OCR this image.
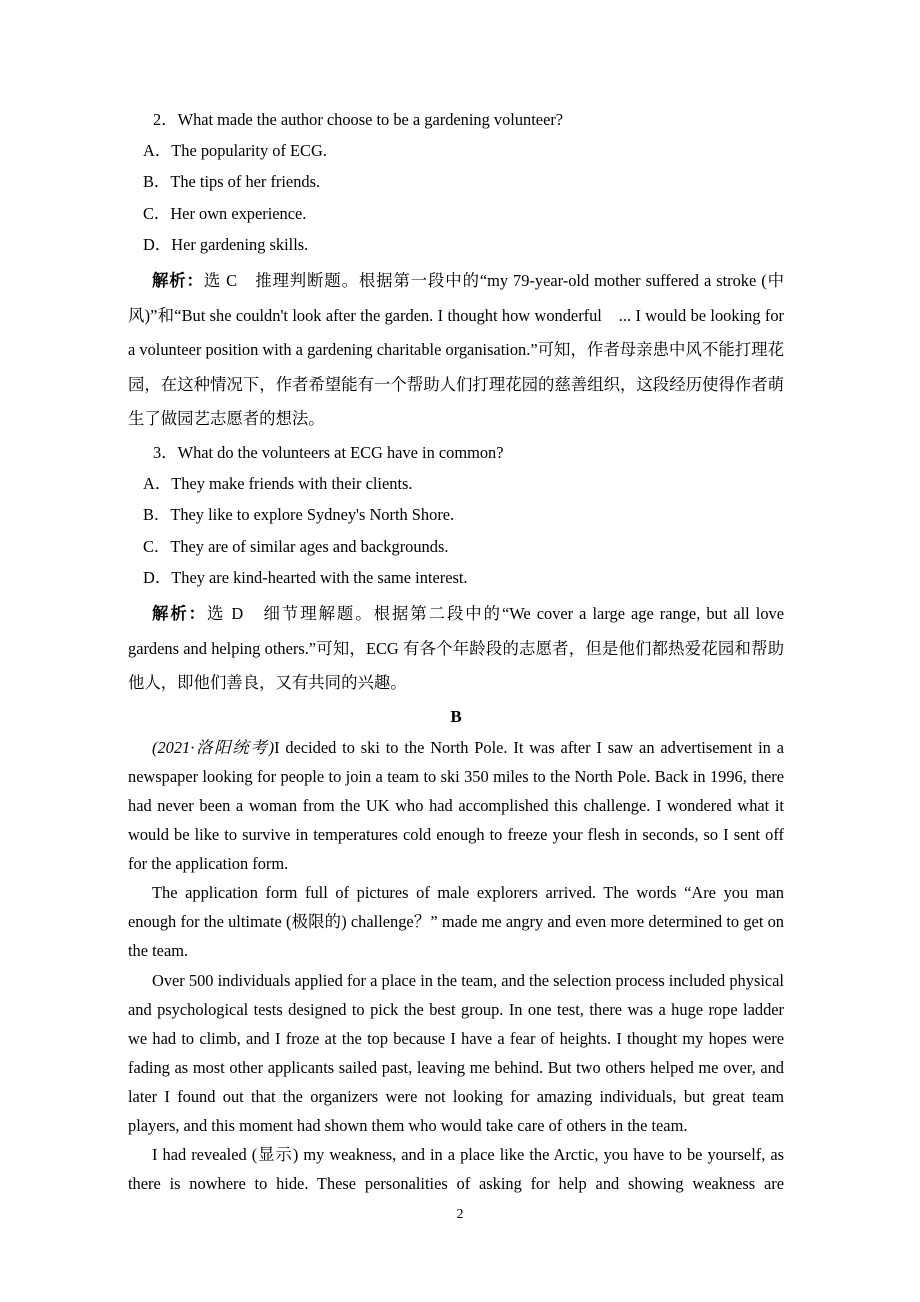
2．What made the author choose to be a gardening volunteer?
A．The popularity of ECG.
B．The tips of her friends.
C．Her own experience.
D．Her gardening skills.

解析：选 C　推理判断题。根据第一段中的“my 79-year-old mother suffered a stroke (中风)”和“But she couldn't look after the garden. I thought how wonderful　... I would be looking for a volunteer position with a gardening charitable organisation.”可知，作者母亲患中风不能打理花园，在这种情况下，作者希望能有一个帮助人们打理花园的慈善组织，这段经历使得作者萌生了做园艺志愿者的想法。

3．What do the volunteers at ECG have in common?
A．They make friends with their clients.
B．They like to explore Sydney's North Shore.
C．They are of similar ages and backgrounds.
D．They are kind-hearted with the same interest.

解析：选 D　细节理解题。根据第二段中的“We cover a large age range, but all love gardens and helping others.”可知，ECG 有各个年龄段的志愿者，但是他们都热爱花园和帮助他人，即他们善良，又有共同的兴趣。

B

(2021·洛阳统考)I decided to ski to the North Pole. It was after I saw an advertisement in a newspaper looking for people to join a team to ski 350 miles to the North Pole. Back in 1996, there had never been a woman from the UK who had accomplished this challenge. I wondered what it would be like to survive in temperatures cold enough to freeze your flesh in seconds, so I sent off for the application form.

The application form full of pictures of male explorers arrived. The words “Are you man enough for the ultimate (极限的) challenge？” made me angry and even more determined to get on the team.

Over 500 individuals applied for a place in the team, and the selection process included physical and psychological tests designed to pick the best group. In one test, there was a huge rope ladder we had to climb, and I froze at the top because I have a fear of heights. I thought my hopes were fading as most other applicants sailed past, leaving me behind. But two others helped me over, and later I found out that the organizers were not looking for amazing individuals, but great team players, and this moment had shown them who would take care of others in the team.

I had revealed (显示) my weakness, and in a place like the Arctic, you have to be yourself, as there is nowhere to hide. These personalities of asking for help and showing weakness are

2
